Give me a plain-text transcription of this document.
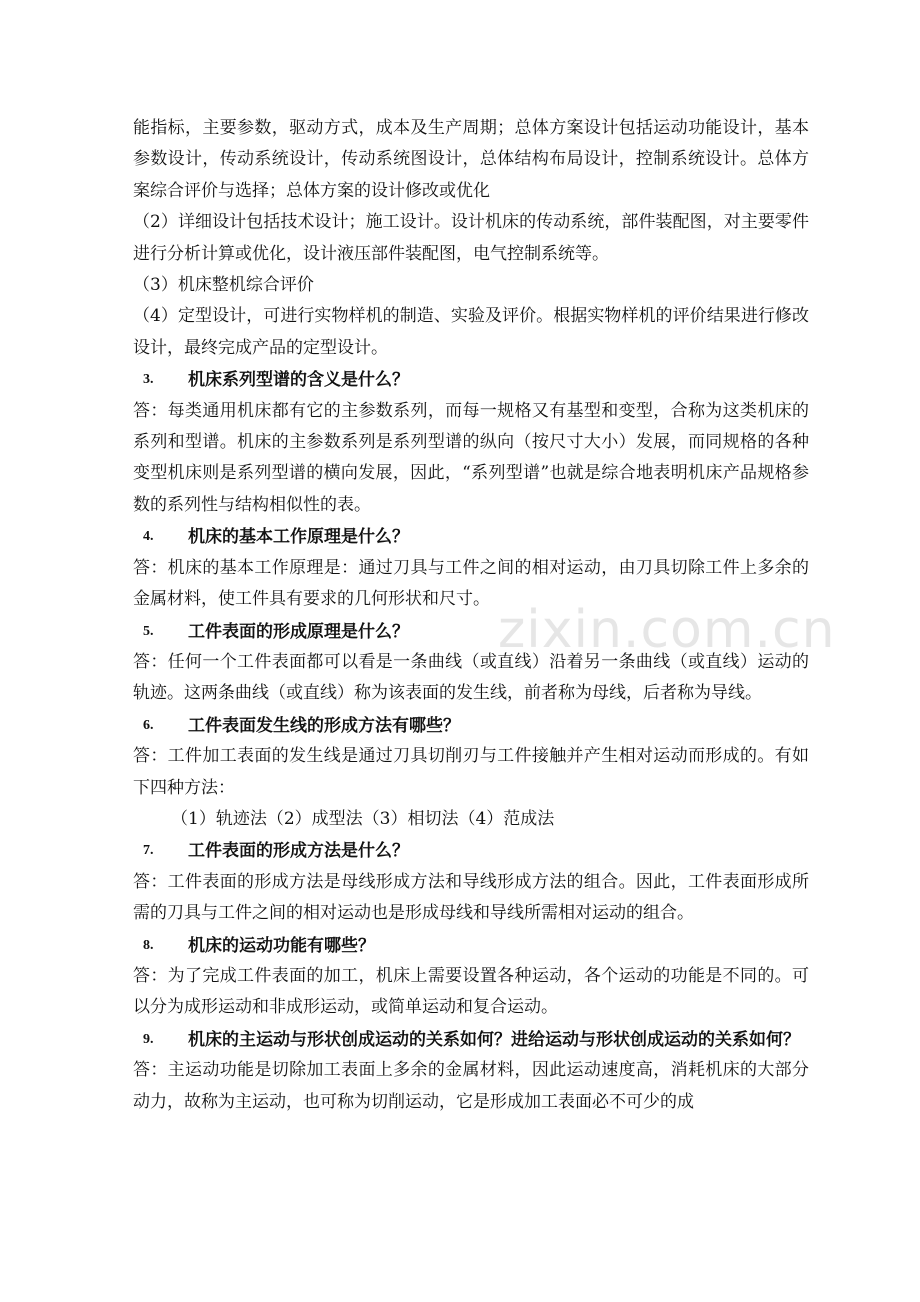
zixin.com.cn

能指标，主要参数，驱动方式，成本及生产周期；总体方案设计包括运动功能设计，基本参数设计，传动系统设计，传动系统图设计，总体结构布局设计，控制系统设计。总体方案综合评价与选择；总体方案的设计修改或优化

（2）详细设计包括技术设计；施工设计。设计机床的传动系统，部件装配图，对主要零件进行分析计算或优化，设计液压部件装配图，电气控制系统等。

（3）机床整机综合评价

（4）定型设计，可进行实物样机的制造、实验及评价。根据实物样机的评价结果进行修改设计，最终完成产品的定型设计。

3.	机床系列型谱的含义是什么？

答：每类通用机床都有它的主参数系列，而每一规格又有基型和变型，合称为这类机床的系列和型谱。机床的主参数系列是系列型谱的纵向（按尺寸大小）发展，而同规格的各种变型机床则是系列型谱的横向发展，因此，“系列型谱”也就是综合地表明机床产品规格参数的系列性与结构相似性的表。

4.	机床的基本工作原理是什么？

答：机床的基本工作原理是：通过刀具与工件之间的相对运动，由刀具切除工件上多余的金属材料，使工件具有要求的几何形状和尺寸。

5.	工件表面的形成原理是什么？

答：任何一个工件表面都可以看是一条曲线（或直线）沿着另一条曲线（或直线）运动的轨迹。这两条曲线（或直线）称为该表面的发生线，前者称为母线，后者称为导线。

6.	工件表面发生线的形成方法有哪些？

答：工件加工表面的发生线是通过刀具切削刃与工件接触并产生相对运动而形成的。有如下四种方法：

（1）轨迹法（2）成型法（3）相切法（4）范成法

7.	工件表面的形成方法是什么？

答：工件表面的形成方法是母线形成方法和导线形成方法的组合。因此，工件表面形成所需的刀具与工件之间的相对运动也是形成母线和导线所需相对运动的组合。

8.	机床的运动功能有哪些？

答：为了完成工件表面的加工，机床上需要设置各种运动，各个运动的功能是不同的。可以分为成形运动和非成形运动，或简单运动和复合运动。

9.	机床的主运动与形状创成运动的关系如何？进给运动与形状创成运动的关系如何？

答：主运动功能是切除加工表面上多余的金属材料，因此运动速度高，消耗机床的大部分动力，故称为主运动，也可称为切削运动，它是形成加工表面必不可少的成
